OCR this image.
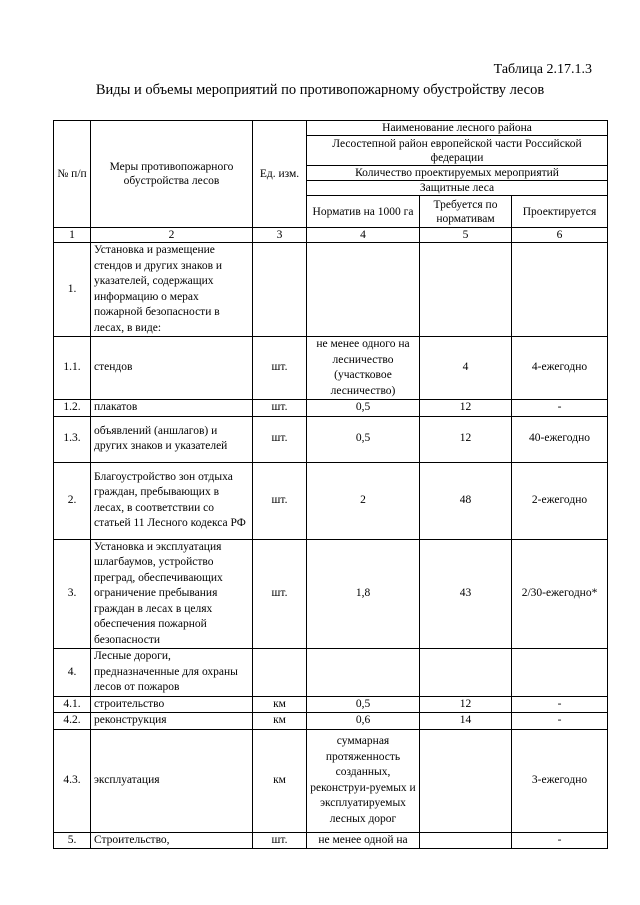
Таблица 2.17.1.3
Виды и объемы мероприятий по противопожарному обустройству лесов
№ п/п	Меры противопожарного обустройства лесов	Ед. изм.	Наименование лесного района		
			Лесостепной район европейской части Российской федерации		
			Количество проектируемых мероприятий		
			Защитные леса		
			Норматив на 1000 га	Требуется по нормативам	Проектируется
1	2	3	4	5	6
1.	Установка и размещение стендов и других знаков и указателей, содержащих информацию о мерах пожарной безопасности в лесах, в виде:				
1.1.	стендов	шт.	не менее одного на лесничество (участковое лесничество)	4	4-ежегодно
1.2.	плакатов	шт.	0,5	12	-
1.3.	объявлений (аншлагов) и других знаков и указателей	шт.	0,5	12	40-ежегодно
2.	Благоустройство зон отдыха граждан, пребывающих в лесах, в соответствии со статьей 11 Лесного кодекса РФ	шт.	2	48	2-ежегодно
3.	Установка и эксплуатация шлагбаумов, устройство преград, обеспечивающих ограничение пребывания граждан в лесах в целях обеспечения пожарной безопасности	шт.	1,8	43	2/30-ежегодно*
4.	Лесные дороги, предназначенные для охраны лесов от пожаров				
4.1.	строительство	км	0,5	12	-
4.2.	реконструкция	км	0,6	14	-
4.3.	эксплуатация	км	суммарная протяженность созданных, реконструи-руемых и эксплуатируемых лесных дорог		3-ежегодно
5.	Строительство,	шт.	не менее одной на		-
